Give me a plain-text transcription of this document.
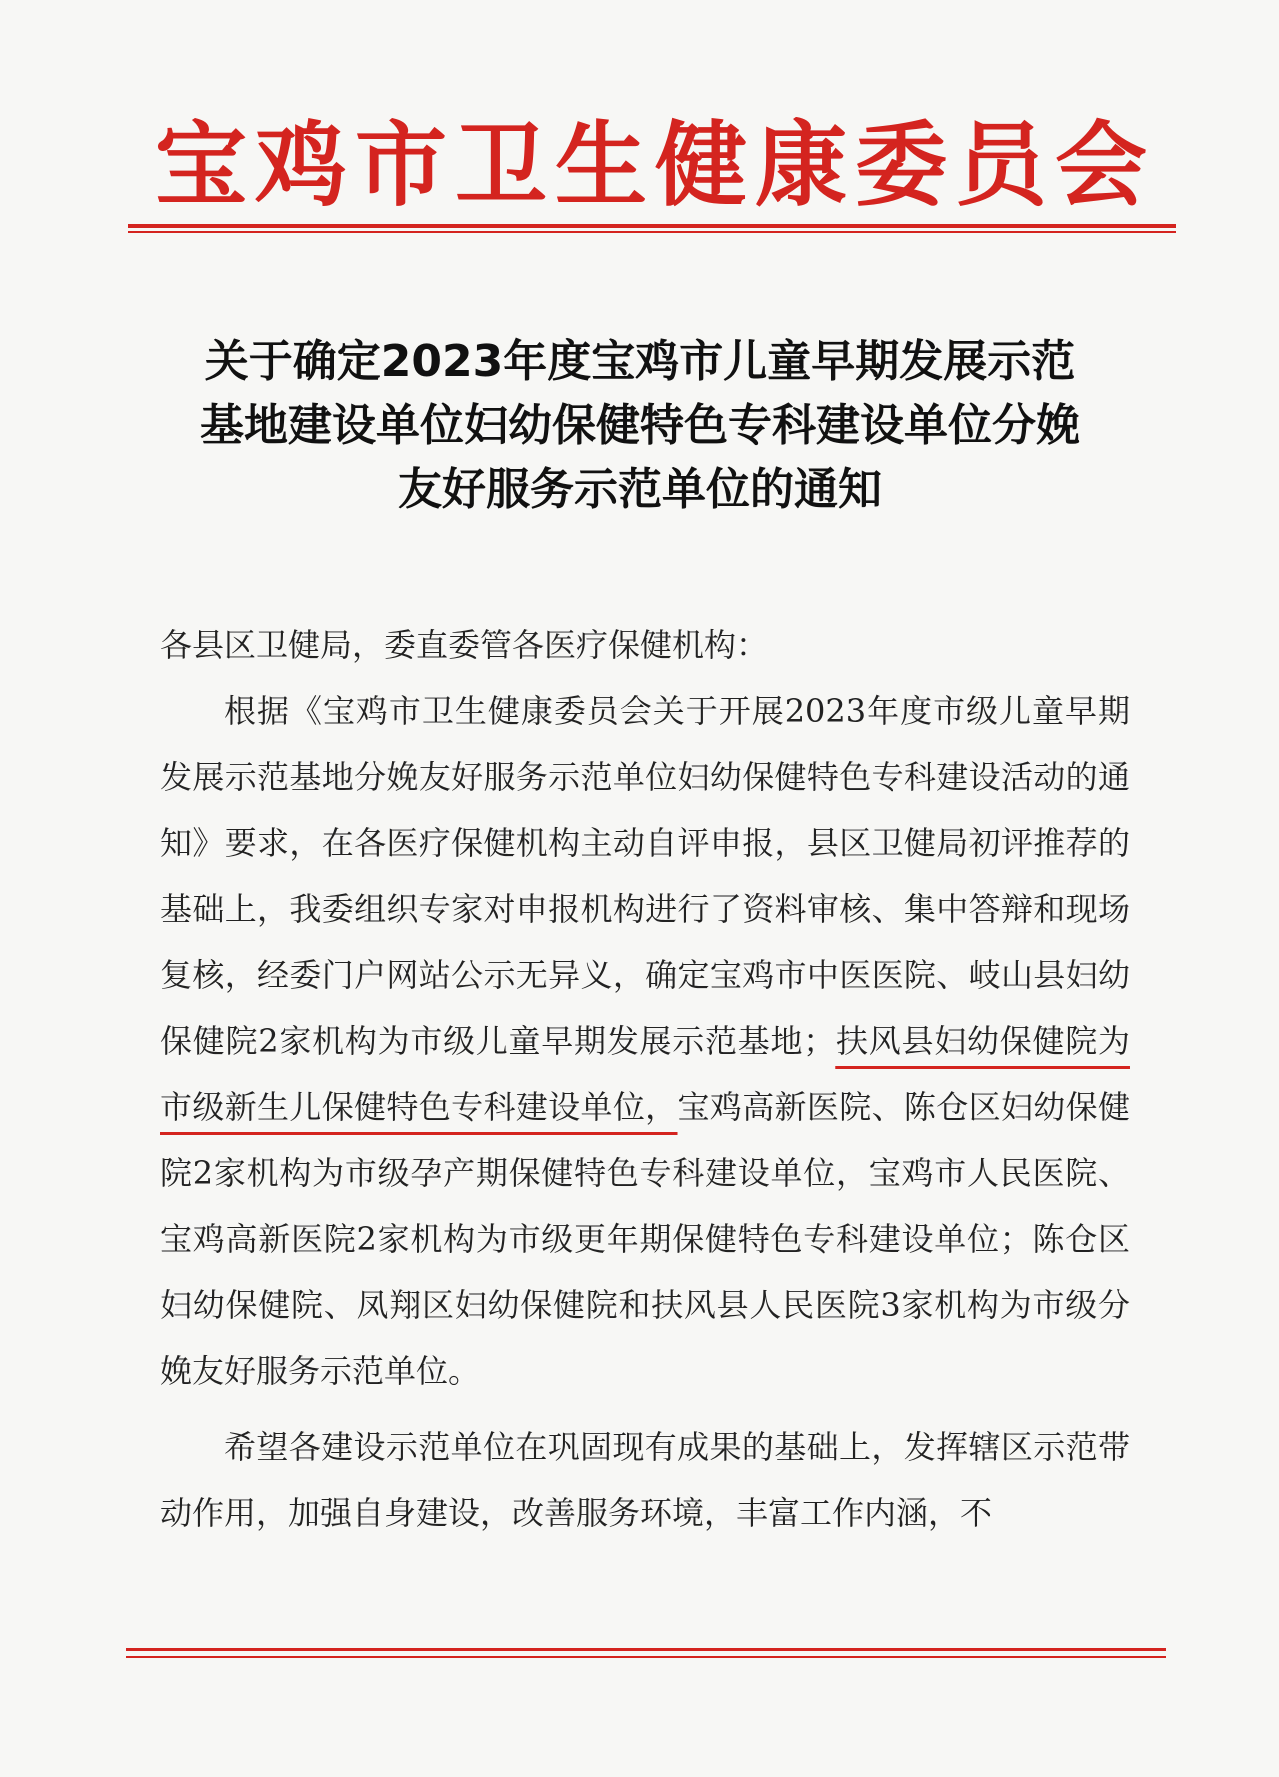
宝鸡市卫生健康委员会
关于确定2023年度宝鸡市儿童早期发展示范
基地建设单位妇幼保健特色专科建设单位分娩
友好服务示范单位的通知
各县区卫健局，委直委管各医疗保健机构：
根据《宝鸡市卫生健康委员会关于开展2023年度市级儿童早期发展示范基地分娩友好服务示范单位妇幼保健特色专科建设活动的通知》要求，在各医疗保健机构主动自评申报，县区卫健局初评推荐的基础上，我委组织专家对申报机构进行了资料审核、集中答辩和现场复核，经委门户网站公示无异义，确定宝鸡市中医医院、岐山县妇幼保健院2家机构为市级儿童早期发展示范基地；扶风县妇幼保健院为市级新生儿保健特色专科建设单位，宝鸡高新医院、陈仓区妇幼保健院2家机构为市级孕产期保健特色专科建设单位，宝鸡市人民医院、宝鸡高新医院2家机构为市级更年期保健特色专科建设单位；陈仓区妇幼保健院、凤翔区妇幼保健院和扶风县人民医院3家机构为市级分娩友好服务示范单位。
希望各建设示范单位在巩固现有成果的基础上，发挥辖区示范带动作用，加强自身建设，改善服务环境，丰富工作内涵，不
